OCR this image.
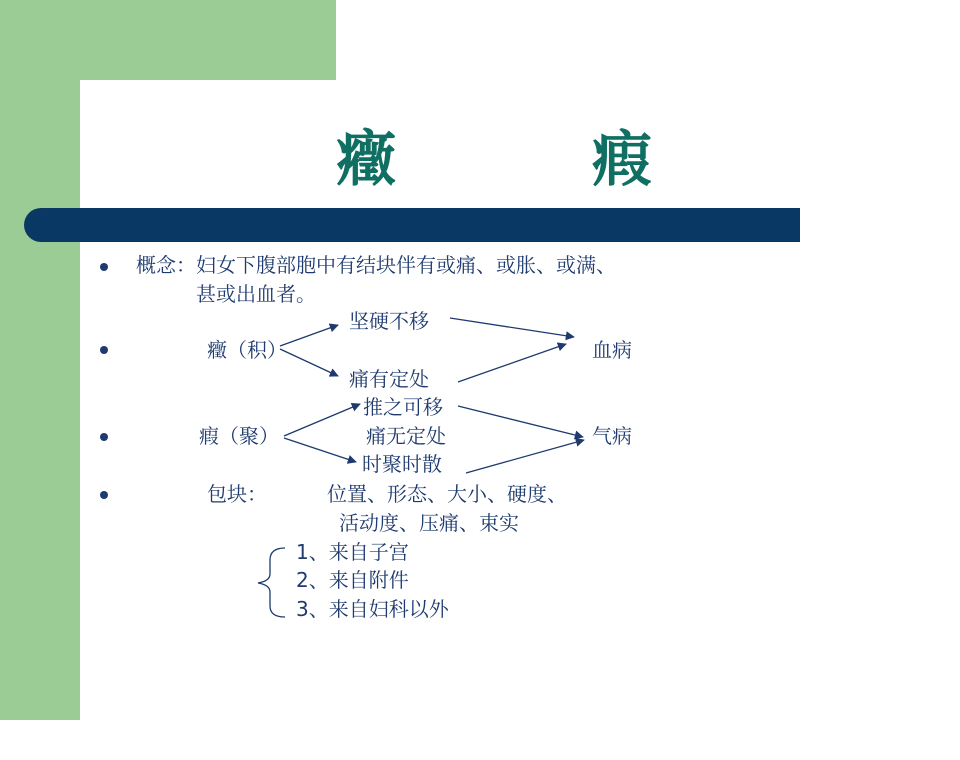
癥	瘕
概念：妇女下腹部胞中有结块伴有或痛、或胀、或满、
甚或出血者。
坚硬不移
癥（积）	血病
痛有定处
推之可移
瘕（聚）	痛无定处	气病
时聚时散
包块：	位置、形态、大小、硬度、
活动度、压痛、束实
1、来自子宫
2、来自附件
3、来自妇科以外
